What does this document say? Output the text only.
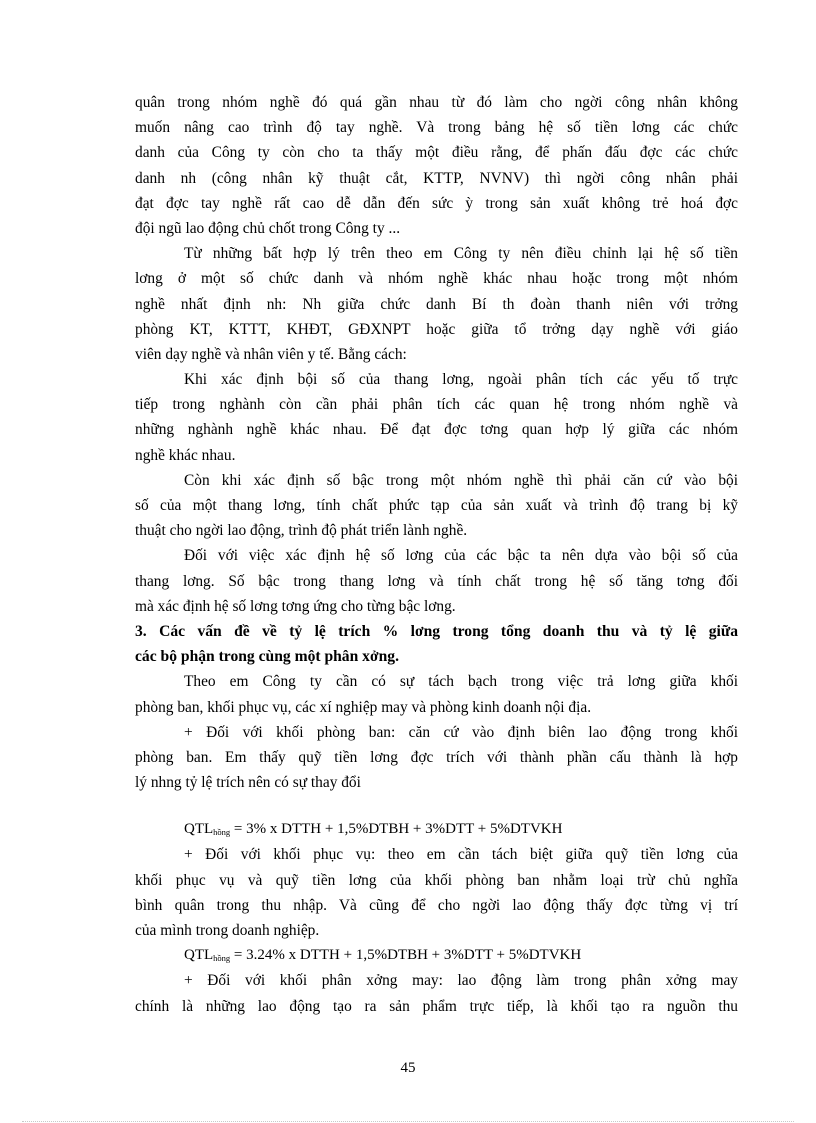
quân trong nhóm nghề đó quá gần nhau từ đó làm cho ngời công nhân không
muốn nâng cao trình độ tay nghề. Và trong bảng hệ số tiền lơng các chức
danh của Công ty còn cho ta thấy một điều rằng, để phấn đấu đợc các chức
danh nh (công nhân kỹ thuật cắt, KTTP, NVNV) thì ngời công nhân phải
đạt đợc tay nghề rất cao dễ dẫn đến sức ỳ trong sản xuất không trẻ hoá đợc
đội ngũ lao động chủ chốt trong Công ty ...
Từ những bất hợp lý trên theo em Công ty nên điều chỉnh lại hệ số tiền
lơng ở một số chức danh và nhóm nghề khác nhau hoặc trong một nhóm
nghề nhất định nh: Nh giữa chức danh Bí th đoàn thanh niên với trởng
phòng KT, KTTT, KHĐT, GĐXNPT hoặc giữa tổ trởng dạy nghề với giáo
viên dạy nghề và nhân viên y tế. Bằng cách:
Khi xác định bội số của thang lơng, ngoài phân tích các yếu tố trực
tiếp trong nghành còn cần phải phân tích các quan hệ trong nhóm nghề và
những nghành nghề khác nhau. Để đạt đợc tơng quan hợp lý giữa các nhóm
nghề khác nhau.
Còn khi xác định số bậc trong một nhóm nghề thì phải căn cứ vào bội
số của một thang lơng, tính chất phức tạp của sản xuất và trình độ trang bị kỹ
thuật cho ngời lao động, trình độ phát triển lành nghề.
Đối với việc xác định hệ số lơng của các bậc ta nên dựa vào bội số của
thang lơng. Số bậc trong thang lơng và tính chất trong hệ số tăng tơng đối
mà xác định hệ số lơng tơng ứng cho từng bậc lơng.
3. Các vấn đề về tỷ lệ trích % lơng trong tổng doanh thu và tỷ lệ giữa
các bộ phận trong cùng một phân xởng.
Theo em Công ty cần có sự tách bạch trong việc trả lơng giữa khối
phòng ban, khối phục vụ, các xí nghiệp may và phòng kinh doanh nội địa.
+ Đối với khối phòng ban: căn cứ vào định biên lao động trong khối
phòng ban. Em thấy quỹ tiền lơng đợc trích với thành phần cấu thành là hợp
lý nhng tỷ lệ trích nên có sự thay đổi
$QTL_{hồng} = 3\%$ x DTTH + 1,5%DTBH + 3%DTT + 5%DTVKH
+ Đối với khối phục vụ: theo em cần tách biệt giữa quỹ tiền lơng của
khối phục vụ và quỹ tiền lơng của khối phòng ban nhằm loại trừ chủ nghĩa
bình quân trong thu nhập. Và cũng để cho ngời lao động thấy đợc từng vị trí
của mình trong doanh nghiệp.
$QTL_{hồng} = 3.24\%$ x DTTH + 1,5%DTBH + 3%DTT + 5%DTVKH
+ Đối với khối phân xởng may: lao động làm trong phân xởng may
chính là những lao động tạo ra sản phẩm trực tiếp, là khối tạo ra nguồn thu
45
